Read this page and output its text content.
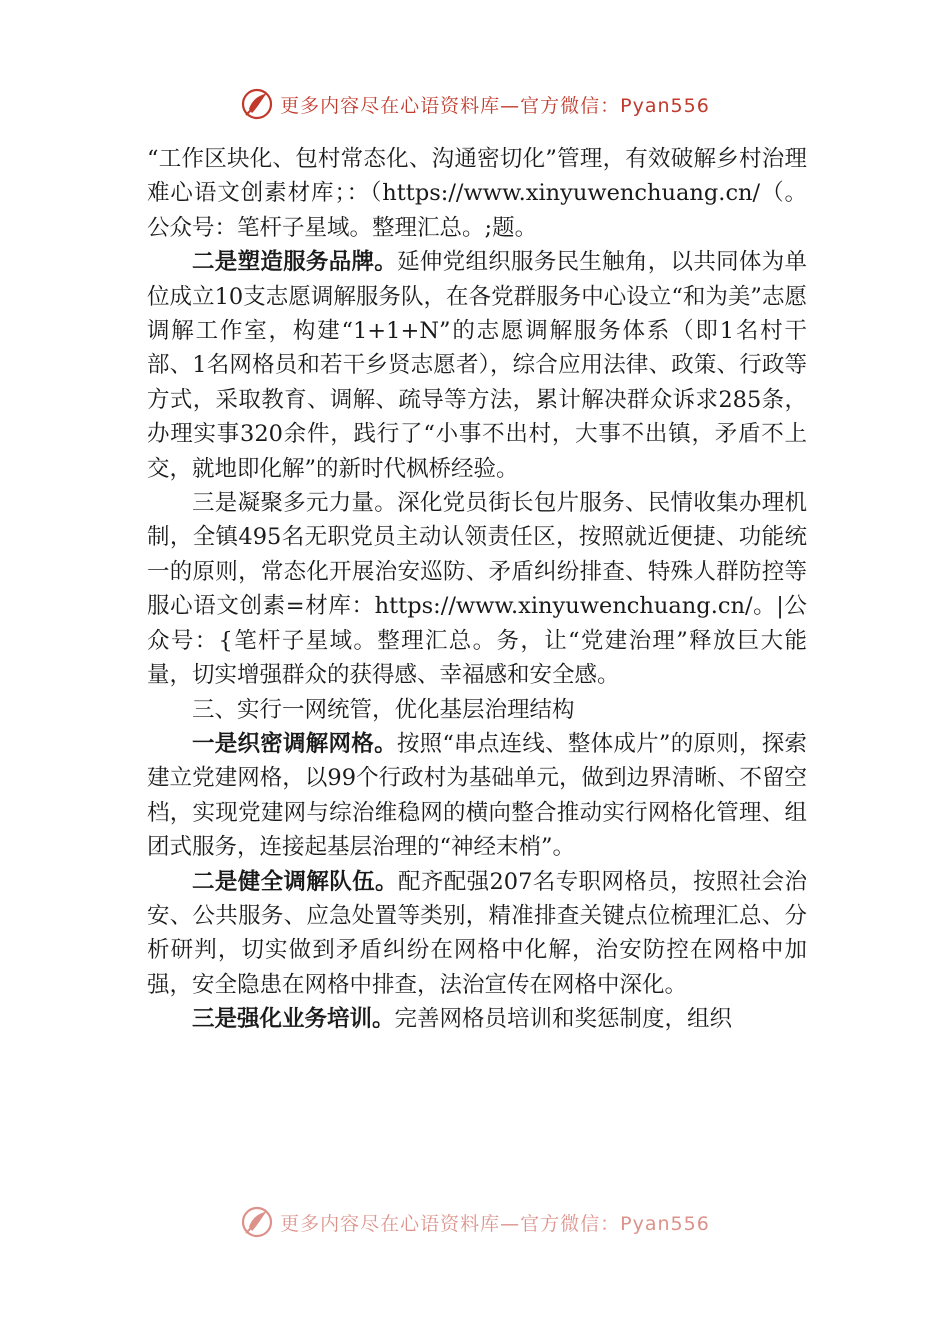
更多内容尽在心语资料库—官方微信：Pyan556

“工作区块化、包村常态化、沟通密切化”管理，有效破解乡村治理难心语文创素材库；：（https://www.xinyuwenchuang.cn/（。公众号：笔杆子星域。整理汇总。;题。

二是塑造服务品牌。延伸党组织服务民生触角，以共同体为单位成立10支志愿调解服务队，在各党群服务中心设立“和为美”志愿调解工作室，构建“1+1+N”的志愿调解服务体系（即1名村干部、1名网格员和若干乡贤志愿者），综合应用法律、政策、行政等方式，采取教育、调解、疏导等方法，累计解决群众诉求285条，办理实事320余件，践行了“小事不出村，大事不出镇，矛盾不上交，就地即化解”的新时代枫桥经验。

三是凝聚多元力量。深化党员街长包片服务、民情收集办理机制，全镇495名无职党员主动认领责任区，按照就近便捷、功能统一的原则，常态化开展治安巡防、矛盾纠纷排查、特殊人群防控等服心语文创素=材库：https://www.xinyuwenchuang.cn/。|公众号：{笔杆子星域。整理汇总。务，让“党建治理”释放巨大能量，切实增强群众的获得感、幸福感和安全感。

三、实行一网统管，优化基层治理结构

一是织密调解网格。按照“串点连线、整体成片”的原则，探索建立党建网格，以99个行政村为基础单元，做到边界清晰、不留空档，实现党建网与综治维稳网的横向整合推动实行网格化管理、组团式服务，连接起基层治理的“神经末梢”。

二是健全调解队伍。配齐配强207名专职网格员，按照社会治安、公共服务、应急处置等类别，精准排查关键点位梳理汇总、分析研判，切实做到矛盾纠纷在网格中化解，治安防控在网格中加强，安全隐患在网格中排查，法治宣传在网格中深化。

三是强化业务培训。完善网格员培训和奖惩制度，组织

更多内容尽在心语资料库—官方微信：Pyan556
